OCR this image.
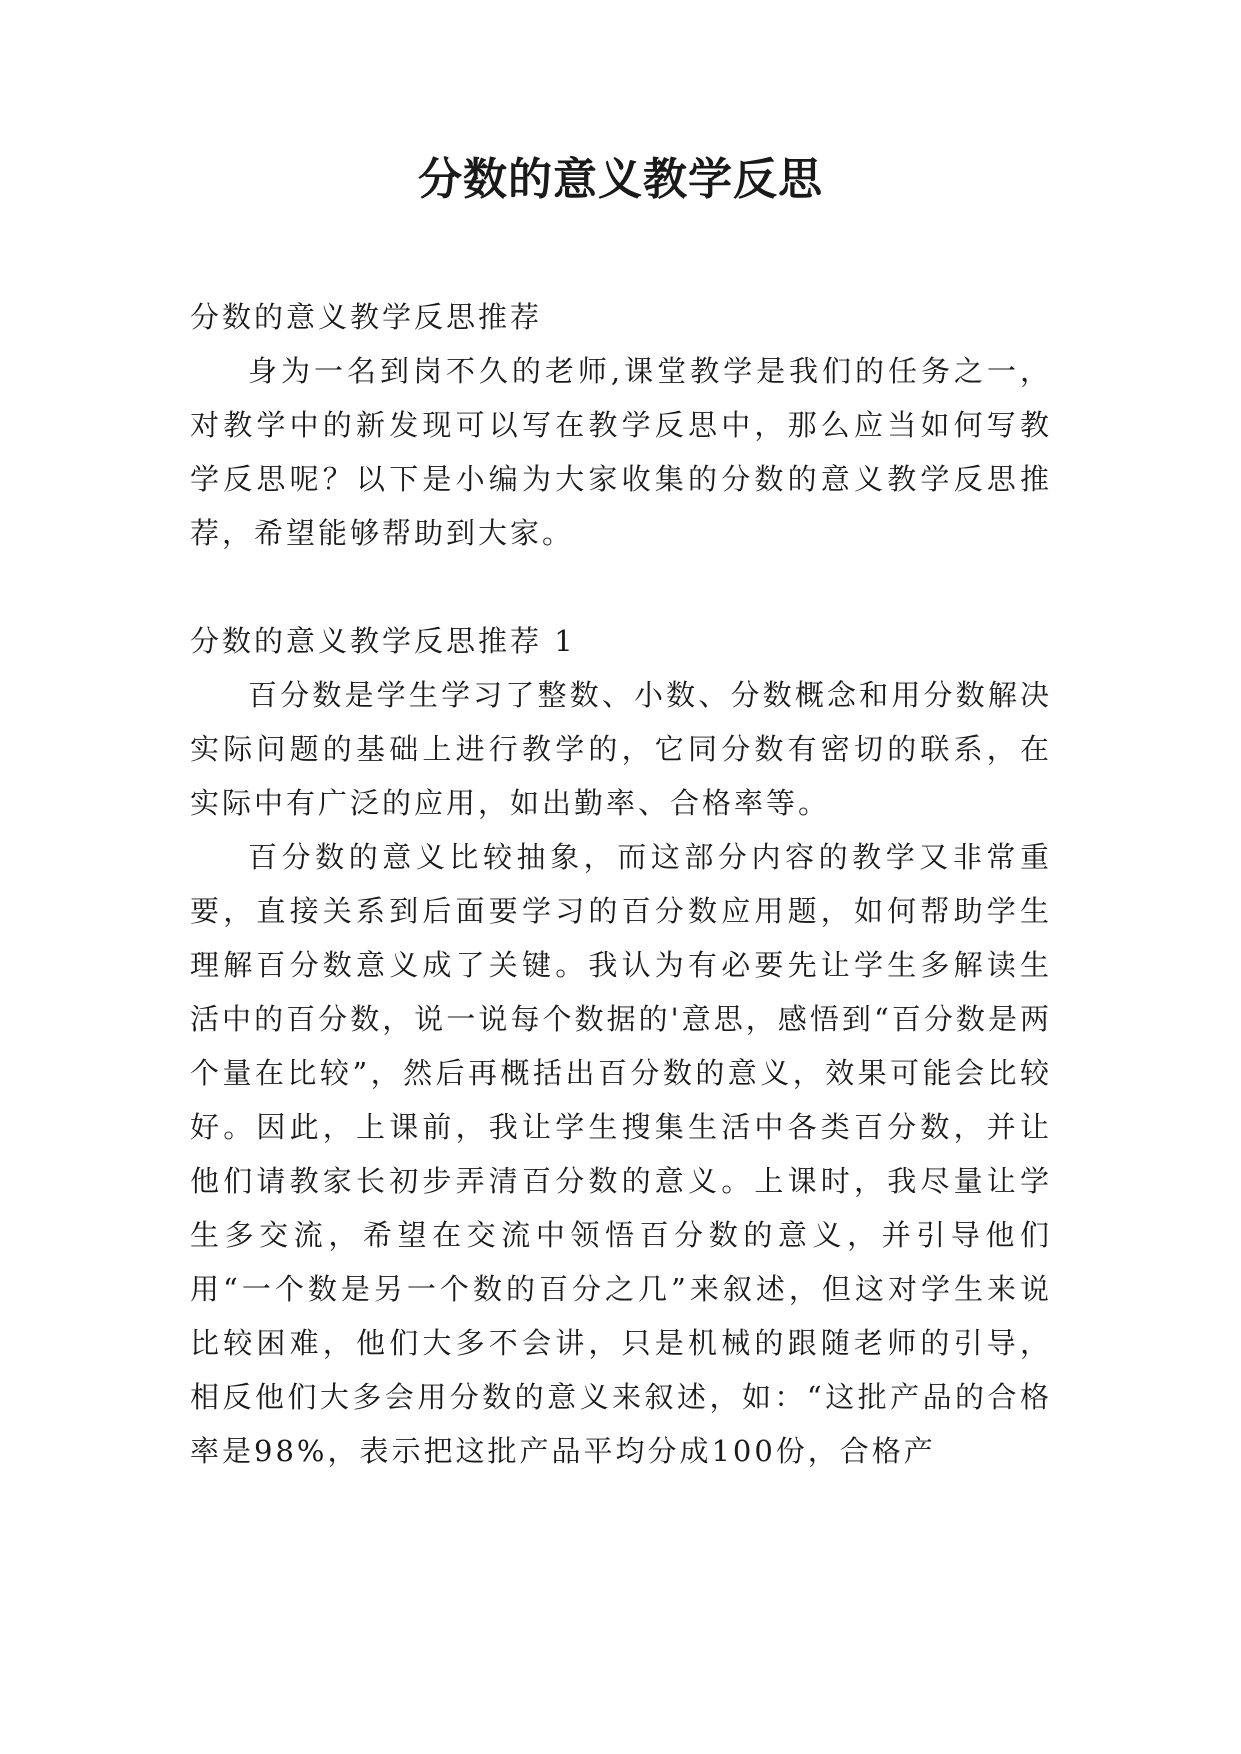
分数的意义教学反思

分数的意义教学反思推荐

身为一名到岗不久的老师,课堂教学是我们的任务之一，对教学中的新发现可以写在教学反思中，那么应当如何写教学反思呢？以下是小编为大家收集的分数的意义教学反思推荐，希望能够帮助到大家。

分数的意义教学反思推荐 1

百分数是学生学习了整数、小数、分数概念和用分数解决实际问题的基础上进行教学的，它同分数有密切的联系，在实际中有广泛的应用，如出勤率、合格率等。

百分数的意义比较抽象，而这部分内容的教学又非常重要，直接关系到后面要学习的百分数应用题，如何帮助学生理解百分数意义成了关键。我认为有必要先让学生多解读生活中的百分数，说一说每个数据的'意思，感悟到“百分数是两个量在比较”，然后再概括出百分数的意义，效果可能会比较好。因此，上课前，我让学生搜集生活中各类百分数，并让他们请教家长初步弄清百分数的意义。上课时，我尽量让学生多交流，希望在交流中领悟百分数的意义，并引导他们用“一个数是另一个数的百分之几”来叙述，但这对学生来说比较困难，他们大多不会讲，只是机械的跟随老师的引导，相反他们大多会用分数的意义来叙述，如：“这批产品的合格率是98%，表示把这批产品平均分成100份，合格产
